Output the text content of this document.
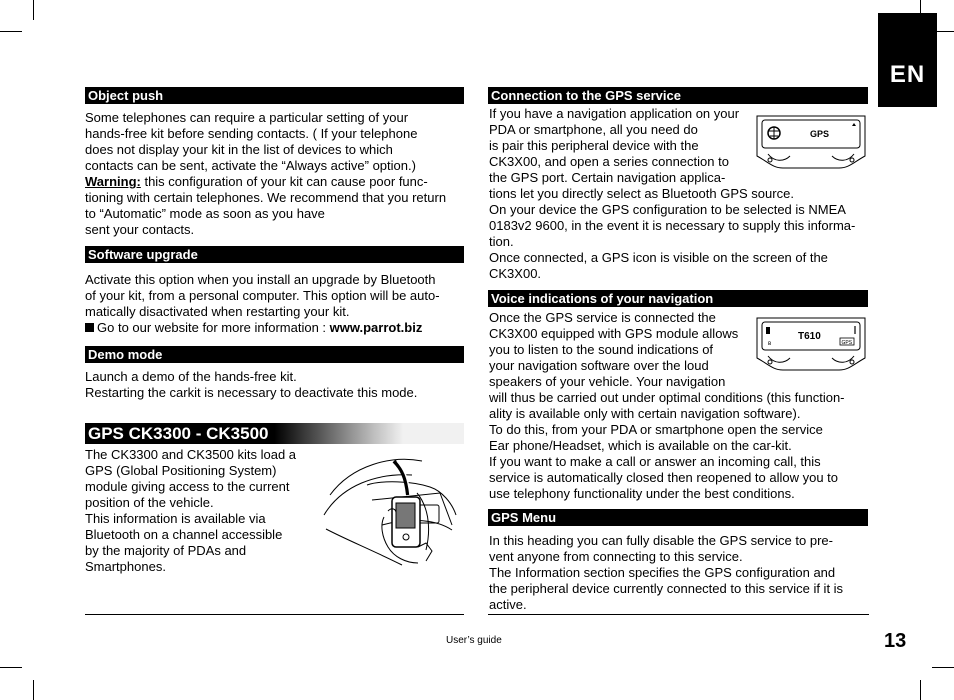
EN
Object push

Some telephones can require a particular setting of your

hands-free kit before sending contacts. ( If your telephone

does not display your kit in the list of devices to which

contacts can be sent, activate the “Always active” option.)

Warning: this configuration of your kit can cause poor func-

tioning with certain telephones. We recommend that you return

to “Automatic” mode as soon as you have

sent your contacts.

Software upgrade

Activate this option when you install an upgrade by Bluetooth

of your kit, from a personal computer. This option will be auto-

matically disactivated when restarting your kit.

Go to our website for more information : www.parrot.biz

Demo mode

Launch a demo of the hands-free kit.

Restarting the carkit is necessary to deactivate this mode.

GPS CK3300 - CK3500

The CK3300 and CK3500 kits load a

GPS (Global Positioning System)

module giving access to the current

position of the vehicle.

This information is available via

Bluetooth on a channel accessible

by the majority of PDAs and

Smartphones.

Connection to the GPS service

If you have a navigation application on your

PDA or smartphone, all you need do

is pair this peripheral device with the

CK3X00, and open a series connection to

the GPS port. Certain navigation applica-

tions let you directly select as Bluetooth GPS source.

On your device the GPS configuration to be selected is NMEA

0183v2 9600, in the event it is necessary to supply this informa-

tion.

Once connected, a GPS icon is visible on the screen of the

CK3X00.

GPS
Voice indications of your navigation

Once the GPS service is connected the

CK3X00 equipped with GPS module allows

you to listen to the sound indications of

your navigation software over the loud

speakers of your vehicle. Your navigation

will thus be carried out under optimal conditions (this function-

ality is available only with certain navigation software).

To do this, from your PDA or smartphone open the service

Ear phone/Headset, which is available on the car-kit.

If you want to make a call or answer an incoming call, this

service is automatically closed then reopened to allow you to

use telephony functionality under the best conditions.

ʙ
T610
GPS
GPS Menu

In this heading you can fully disable the GPS service to pre-

vent anyone from connecting to this service.

The Information section specifies the GPS configuration and

the peripheral device currently connected to this service if it is

active.

User’s guide	13
